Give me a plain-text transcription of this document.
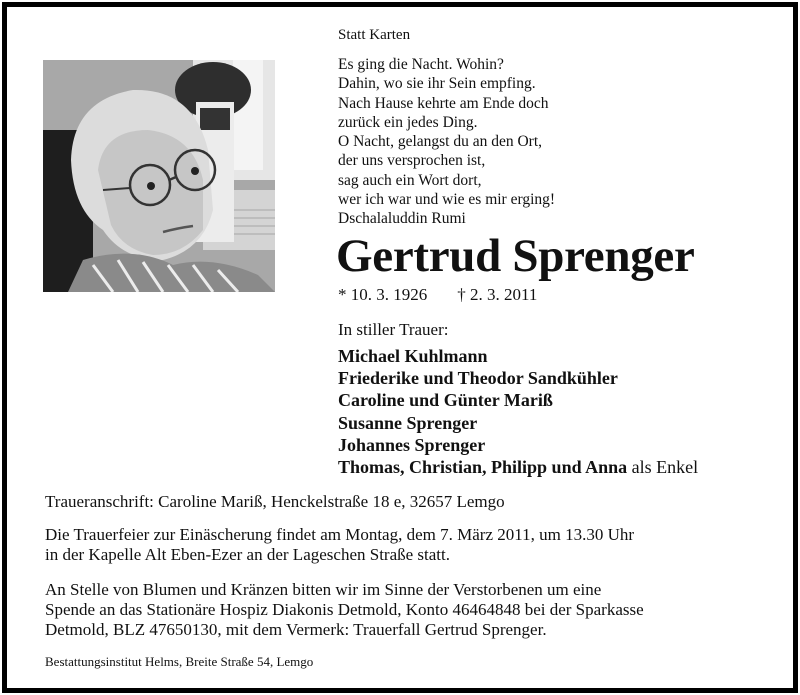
Statt Karten
Es ging die Nacht. Wohin?
Dahin, wo sie ihr Sein empfing.
Nach Hause kehrte am Ende doch
zurück ein jedes Ding.
O Nacht, gelangst du an den Ort,
der uns versprochen ist,
sag auch ein Wort dort,
wer ich war und wie es mir erging!
Dschalaluddin Rumi
Gertrud Sprenger
* 10. 3. 1926 † 2. 3. 2011
In stiller Trauer:
Michael Kuhlmann
Friederike und Theodor Sandkühler
Caroline und Günter Mariß
Susanne Sprenger
Johannes Sprenger
Thomas, Christian, Philipp und Anna als Enkel
Traueranschrift: Caroline Mariß, Henckelstraße 18 e, 32657 Lemgo
Die Trauerfeier zur Einäscherung findet am Montag, dem 7. März 2011, um 13.30 Uhr
in der Kapelle Alt Eben-Ezer an der Lageschen Straße statt.
An Stelle von Blumen und Kränzen bitten wir im Sinne der Verstorbenen um eine
Spende an das Stationäre Hospiz Diakonis Detmold, Konto 46464848 bei der Sparkasse
Detmold, BLZ 47650130, mit dem Vermerk: Trauerfall Gertrud Sprenger.
Bestattungsinstitut Helms, Breite Straße 54, Lemgo
